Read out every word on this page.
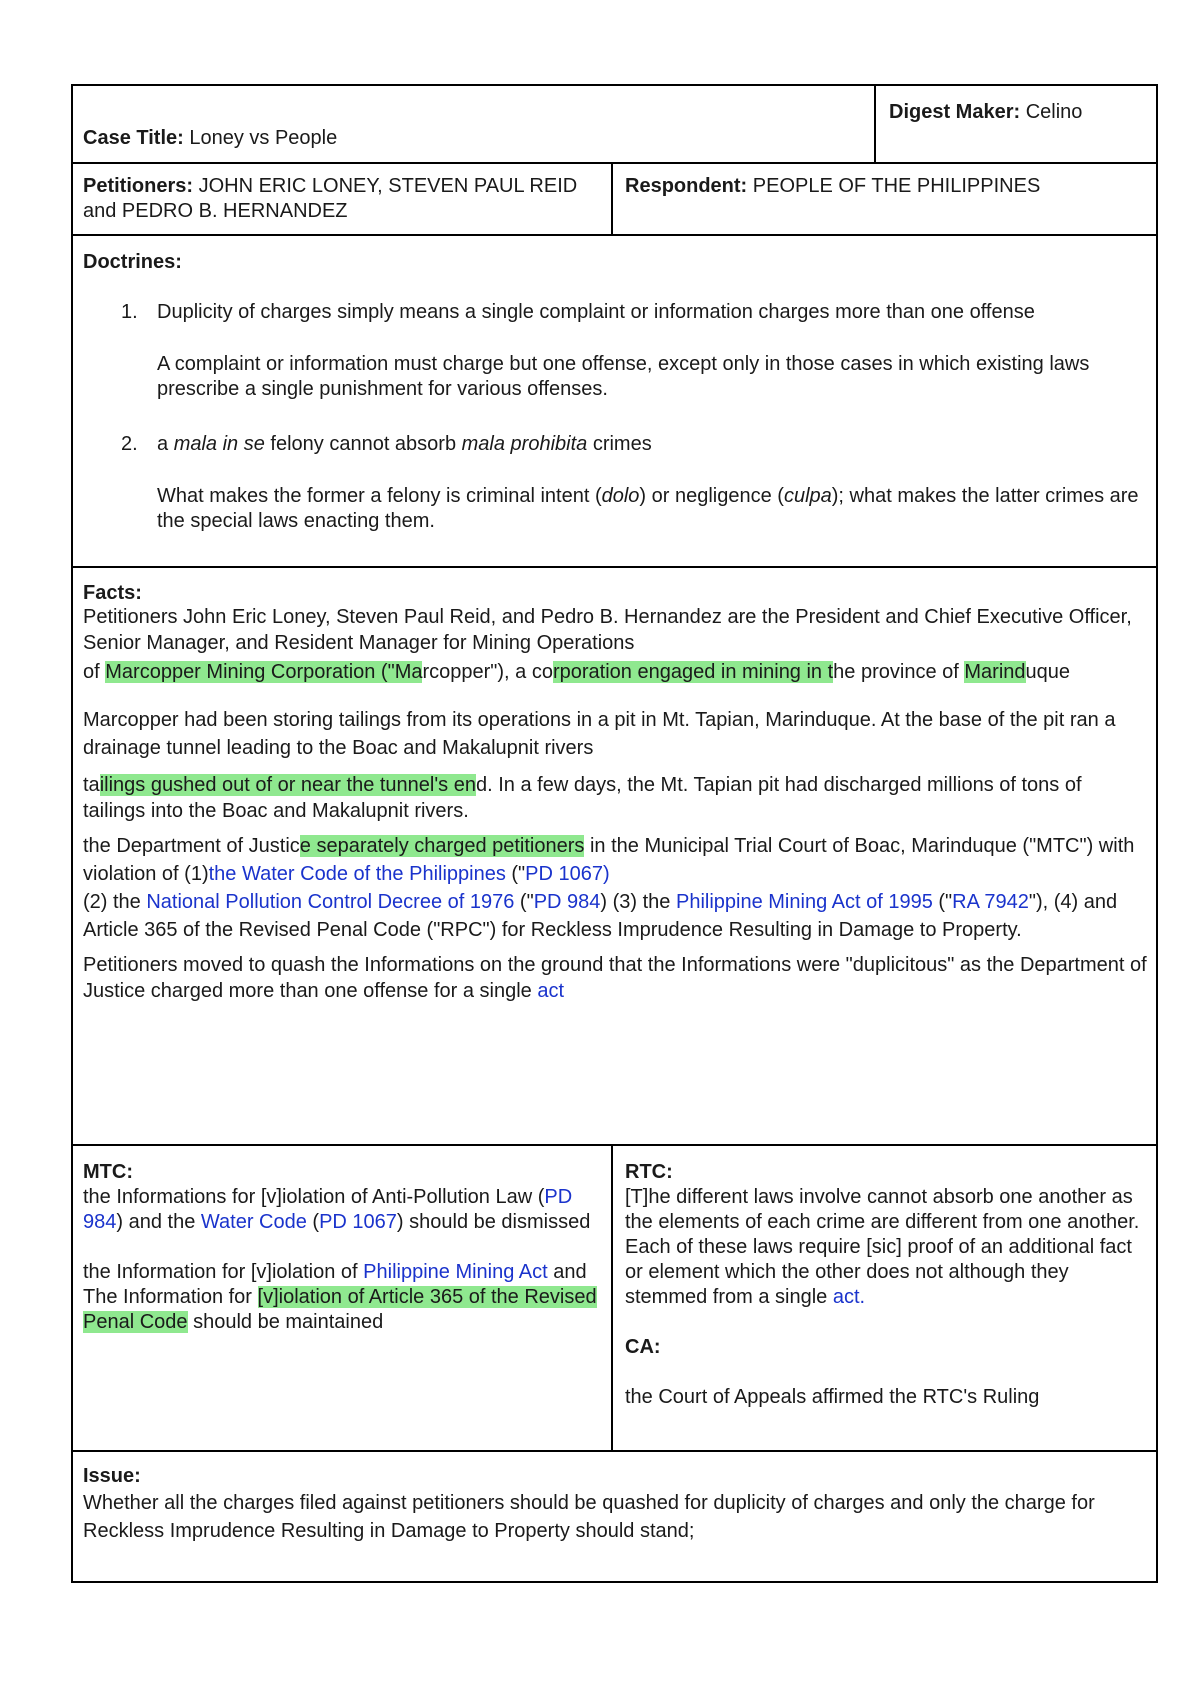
Case Title: Loney vs People
Digest Maker: Celino
Petitioners: JOHN ERIC LONEY, STEVEN PAUL REID and PEDRO B. HERNANDEZ
Respondent: PEOPLE OF THE PHILIPPINES
Doctrines:
1. Duplicity of charges simply means a single complaint or information charges more than one offense

A complaint or information must charge but one offense, except only in those cases in which existing laws prescribe a single punishment for various offenses.

2. a mala in se felony cannot absorb mala prohibita crimes

What makes the former a felony is criminal intent (dolo) or negligence (culpa); what makes the latter crimes are the special laws enacting them.

Facts:

Petitioners John Eric Loney, Steven Paul Reid, and Pedro B. Hernandez are the President and Chief Executive Officer, Senior Manager, and Resident Manager for Mining Operations

of Marcopper Mining Corporation ("Marcopper"), a corporation engaged in mining in the province of Marinduque

Marcopper had been storing tailings from its operations in a pit in Mt. Tapian, Marinduque. At the base of the pit ran a drainage tunnel leading to the Boac and Makalupnit rivers

tailings gushed out of or near the tunnel's end. In a few days, the Mt. Tapian pit had discharged millions of tons of tailings into the Boac and Makalupnit rivers.

the Department of Justice separately charged petitioners in the Municipal Trial Court of Boac, Marinduque ("MTC") with violation of (1)the Water Code of the Philippines ("PD 1067)
(2) the National Pollution Control Decree of 1976 ("PD 984) (3) the Philippine Mining Act of 1995 ("RA 7942"), (4) and Article 365 of the Revised Penal Code ("RPC") for Reckless Imprudence Resulting in Damage to Property.

Petitioners moved to quash the Informations on the ground that the Informations were "duplicitous" as the Department of Justice charged more than one offense for a single act

MTC:

the Informations for [v]iolation of Anti-Pollution Law (PD 984) and the Water Code (PD 1067) should be dismissed

the Information for [v]iolation of Philippine Mining Act and The Information for [v]iolation of Article 365 of the Revised Penal Code should be maintained

RTC:

[T]he different laws involve cannot absorb one another as the elements of each crime are different from one another. Each of these laws require [sic] proof of an additional fact or element which the other does not although they stemmed from a single act.

CA:

the Court of Appeals affirmed the RTC's Ruling

Issue:

Whether all the charges filed against petitioners should be quashed for duplicity of charges and only the charge for Reckless Imprudence Resulting in Damage to Property should stand;
